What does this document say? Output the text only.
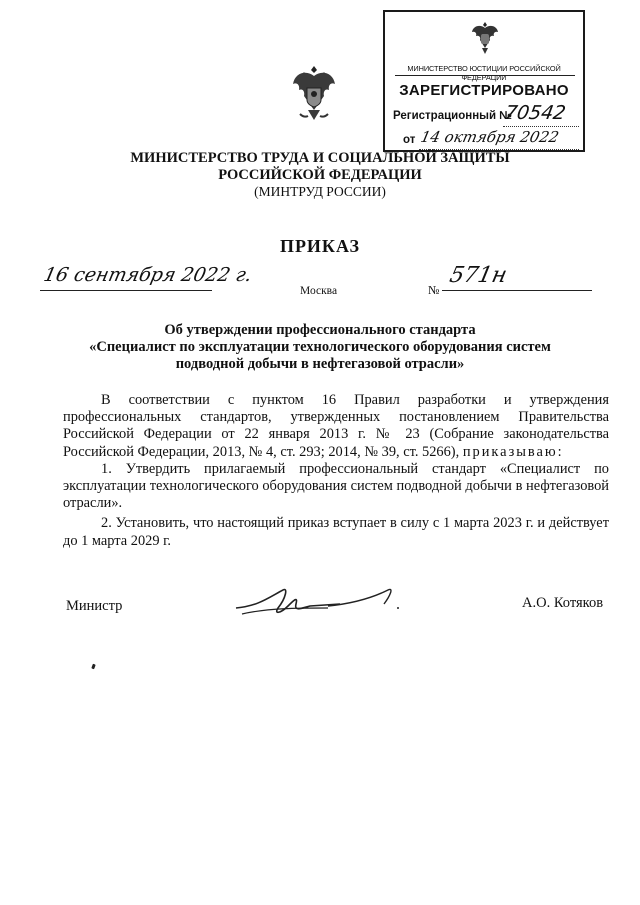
МИНИСТЕРСТВО ЮСТИЦИИ РОССИЙСКОЙ ФЕДЕРАЦИИ
ЗАРЕГИСТРИРОВАНО
Регистрационный №
70542
от 14 октября 2022
МИНИСТЕРСТВО ТРУДА И СОЦИАЛЬНОЙ ЗАЩИТЫ
РОССИЙСКОЙ ФЕДЕРАЦИИ
(МИНТРУД РОССИИ)
ПРИКАЗ
16 сентября 2022 г.
Москва	№
571н
Об утверждении профессионального стандарта
«Специалист по эксплуатации технологического оборудования систем
подводной добычи в нефтегазовой отрасли»

В соответствии с пунктом 16 Правил разработки и утверждения профессиональных стандартов, утвержденных постановлением Правительства Российской Федерации от 22 января 2013 г. № 23 (Собрание законодательства Российской Федерации, 2013, № 4, ст. 293; 2014, № 39, ст. 5266), приказываю:

1. Утвердить прилагаемый профессиональный стандарт «Специалист по эксплуатации технологического оборудования систем подводной добычи в нефтегазовой отрасли».

2. Установить, что настоящий приказ вступает в силу с 1 марта 2023 г. и действует до 1 марта 2029 г.

Министр	А.О. Котяков
